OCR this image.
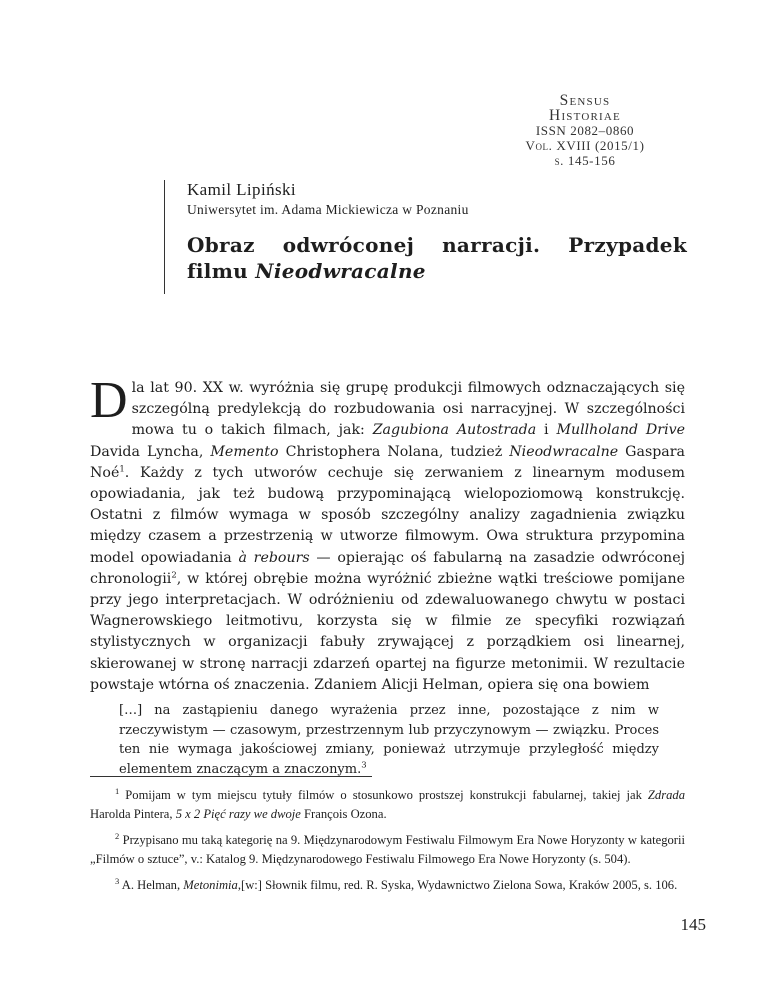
Sensus
Historiae
ISSN 2082–0860
Vol. XVIII (2015/1)
s. 145-156
Kamil Lipiński
Uniwersytet im. Adama Mickiewicza w Poznaniu
Obraz odwróconej narracji. Przypadek
filmu Nieodwracalne

Dla lat 90. XX w. wyróżnia się grupę produkcji filmowych odznaczających się szczególną predylekcją do rozbudowania osi narracyjnej. W szczególności mowa tu o takich filmach, jak: Zagubiona Autostrada i Mullholand Drive Davida Lyncha, Memento Christophera Nolana, tudzież Nieodwracalne Gaspara Noé$^1$. Każdy z tych utworów cechuje się zerwaniem z linearnym modusem opowiadania, jak też budową przypominającą wielopoziomową konstrukcję. Ostatni z filmów wymaga w sposób szczególny analizy zagadnienia związku między czasem a przestrzenią w utworze filmowym. Owa struktura przypomina model opowiadania à rebours — opierając oś fabularną na zasadzie odwróconej chronologii$^2$, w której obrębie można wyróżnić zbieżne wątki treściowe pomijane przy jego interpretacjach. W odróżnieniu od zdewaluowanego chwytu w postaci Wagnerowskiego leitmotivu, korzysta się w filmie ze specyfiki rozwiązań stylistycznych w organizacji fabuły zrywającej z porządkiem osi linearnej, skierowanej w stronę narracji zdarzeń opartej na figurze metonimii. W rezultacie powstaje wtórna oś znaczenia. Zdaniem Alicji Helman, opiera się ona bowiem

[…] na zastąpieniu danego wyrażenia przez inne, pozostające z nim w rzeczywistym — czasowym, przestrzennym lub przyczynowym — związku. Proces ten nie wymaga jakościowej zmiany, ponieważ utrzymuje przyległość między elementem znaczącym a znaczonym.$^3$

$^1$ Pomijam w tym miejscu tytuły filmów o stosunkowo prostszej konstrukcji fabularnej, takiej jak Zdrada Harolda Pintera, 5 x 2 Pięć razy we dwoje François Ozona.

$^2$ Przypisano mu taką kategorię na 9. Międzynarodowym Festiwalu Filmowym Era Nowe Horyzonty w kategorii „Filmów o sztuce”, v.: Katalog 9. Międzynarodowego Festiwalu Filmowego Era Nowe Horyzonty (s. 504).

$^3$ A. Helman, Metonimia,[w:] Słownik filmu, red. R. Syska, Wydawnictwo Zielona Sowa, Kraków 2005, s. 106.

145
